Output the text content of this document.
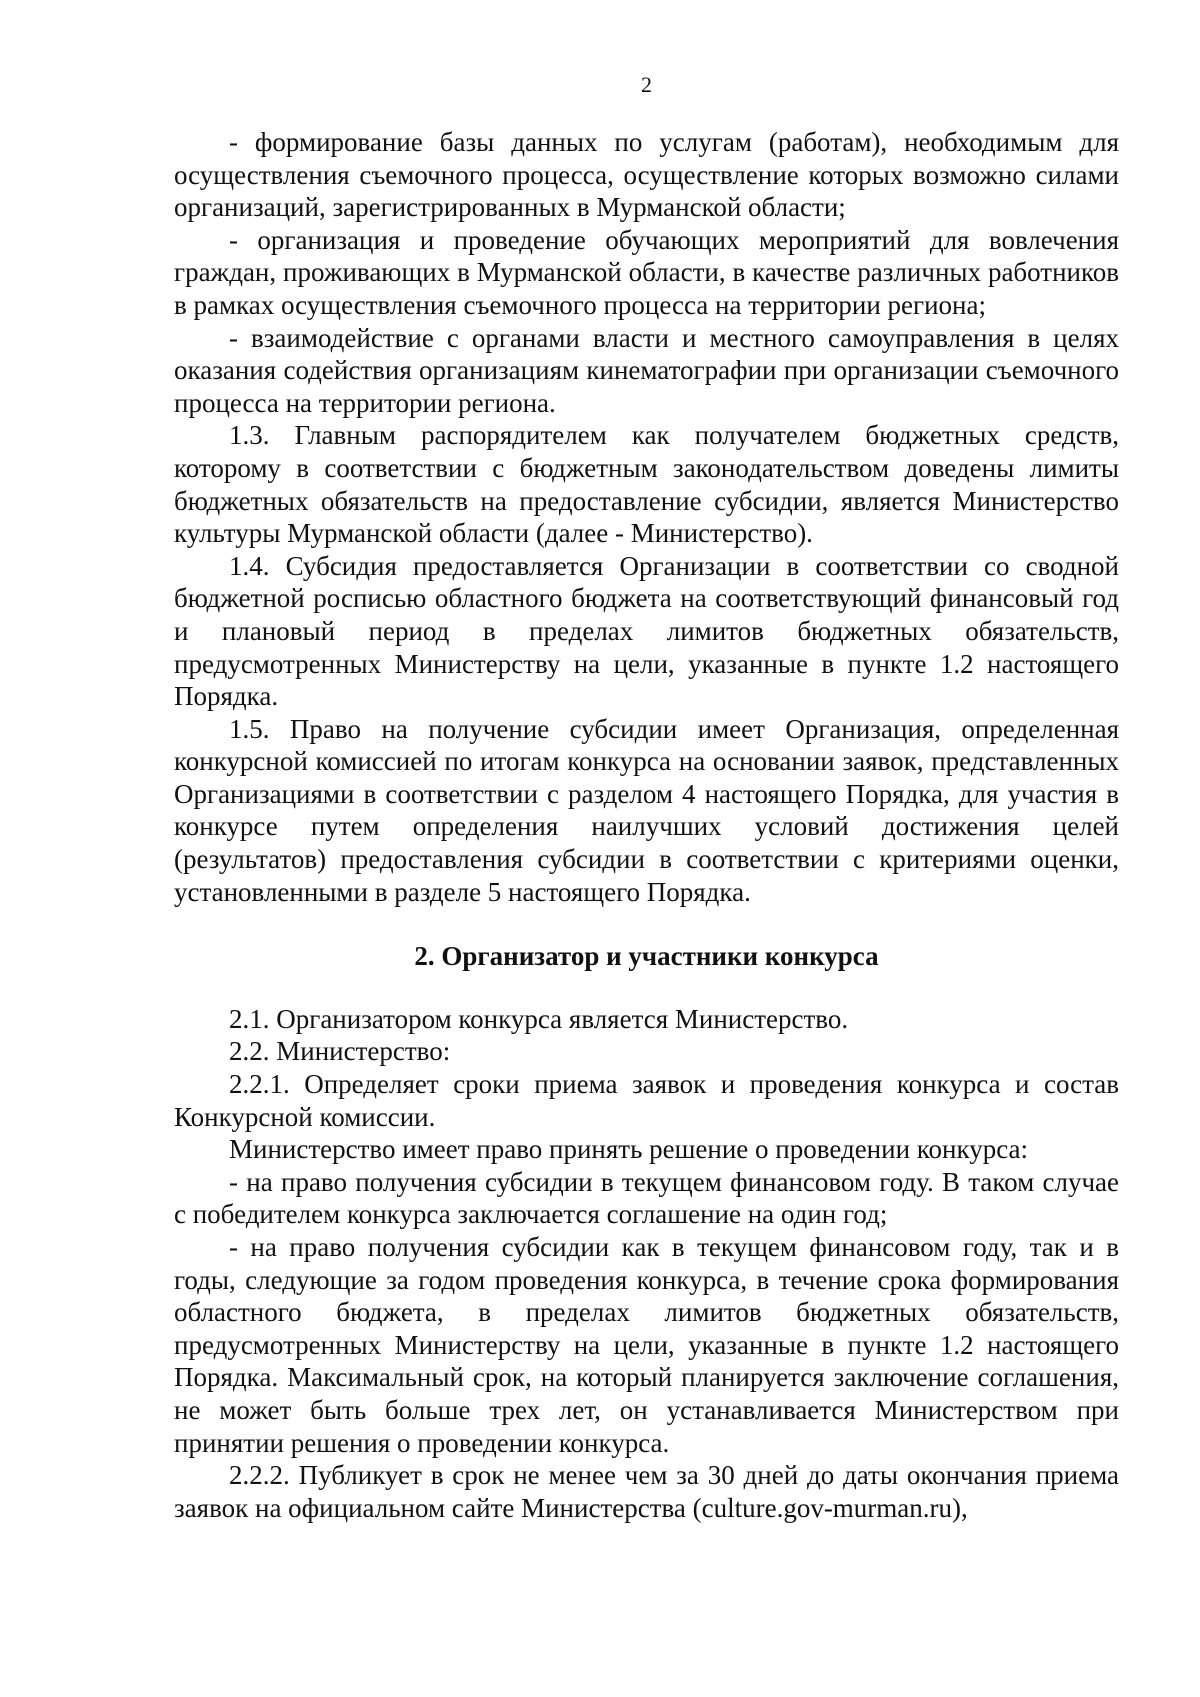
2

- формирование базы данных по услугам (работам), необходимым для осуществления съемочного процесса, осуществление которых возможно силами организаций, зарегистрированных в Мурманской области;

- организация и проведение обучающих мероприятий для вовлечения граждан, проживающих в Мурманской области, в качестве различных работников в рамках осуществления съемочного процесса на территории региона;

- взаимодействие с органами власти и местного самоуправления в целях оказания содействия организациям кинематографии при организации съемочного процесса на территории региона.

1.3. Главным распорядителем как получателем бюджетных средств, которому в соответствии с бюджетным законодательством доведены лимиты бюджетных обязательств на предоставление субсидии, является Министерство культуры Мурманской области (далее - Министерство).

1.4. Субсидия предоставляется Организации в соответствии со сводной бюджетной росписью областного бюджета на соответствующий финансовый год и плановый период в пределах лимитов бюджетных обязательств, предусмотренных Министерству на цели, указанные в пункте 1.2 настоящего Порядка.

1.5. Право на получение субсидии имеет Организация, определенная конкурсной комиссией по итогам конкурса на основании заявок, представленных Организациями в соответствии с разделом 4 настоящего Порядка, для участия в конкурсе путем определения наилучших условий достижения целей (результатов) предоставления субсидии в соответствии с критериями оценки, установленными в разделе 5 настоящего Порядка.

2. Организатор и участники конкурса

2.1. Организатором конкурса является Министерство.

2.2. Министерство:

2.2.1. Определяет сроки приема заявок и проведения конкурса и состав Конкурсной комиссии.

Министерство имеет право принять решение о проведении конкурса:

- на право получения субсидии в текущем финансовом году. В таком случае с победителем конкурса заключается соглашение на один год;

- на право получения субсидии как в текущем финансовом году, так и в годы, следующие за годом проведения конкурса, в течение срока формирования областного бюджета, в пределах лимитов бюджетных обязательств, предусмотренных Министерству на цели, указанные в пункте 1.2 настоящего Порядка. Максимальный срок, на который планируется заключение соглашения, не может быть больше трех лет, он устанавливается Министерством при принятии решения о проведении конкурса.

2.2.2. Публикует в срок не менее чем за 30 дней до даты окончания приема заявок на официальном сайте Министерства (culture.gov-murman.ru),
